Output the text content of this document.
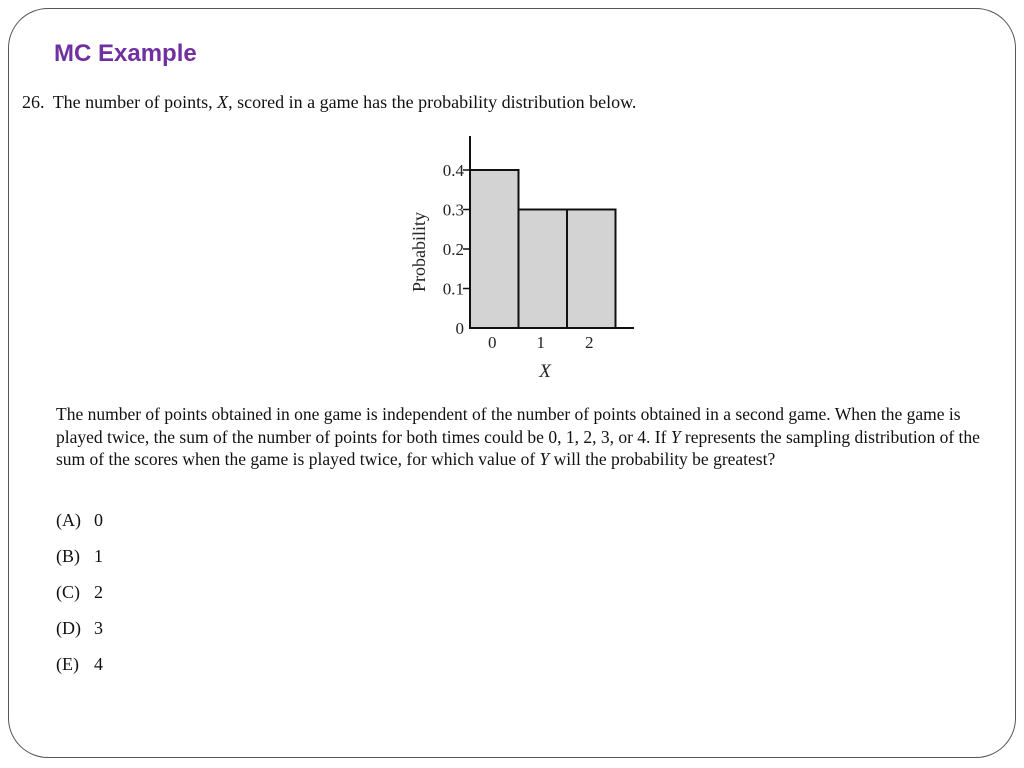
MC Example
26. The number of points, X, scored in a game has the probability distribution below.
0
0.1
0.2
0.3
0.4
0 1 2
X
Probability
The number of points obtained in one game is independent of the number of points obtained in a second game. When the game is played twice, the sum of the number of points for both times could be 0, 1, 2, 3, or 4. If Y represents the sampling distribution of the sum of the scores when the game is played twice, for which value of Y will the probability be greatest?
(A) 0
(B) 1
(C) 2
(D) 3
(E) 4
